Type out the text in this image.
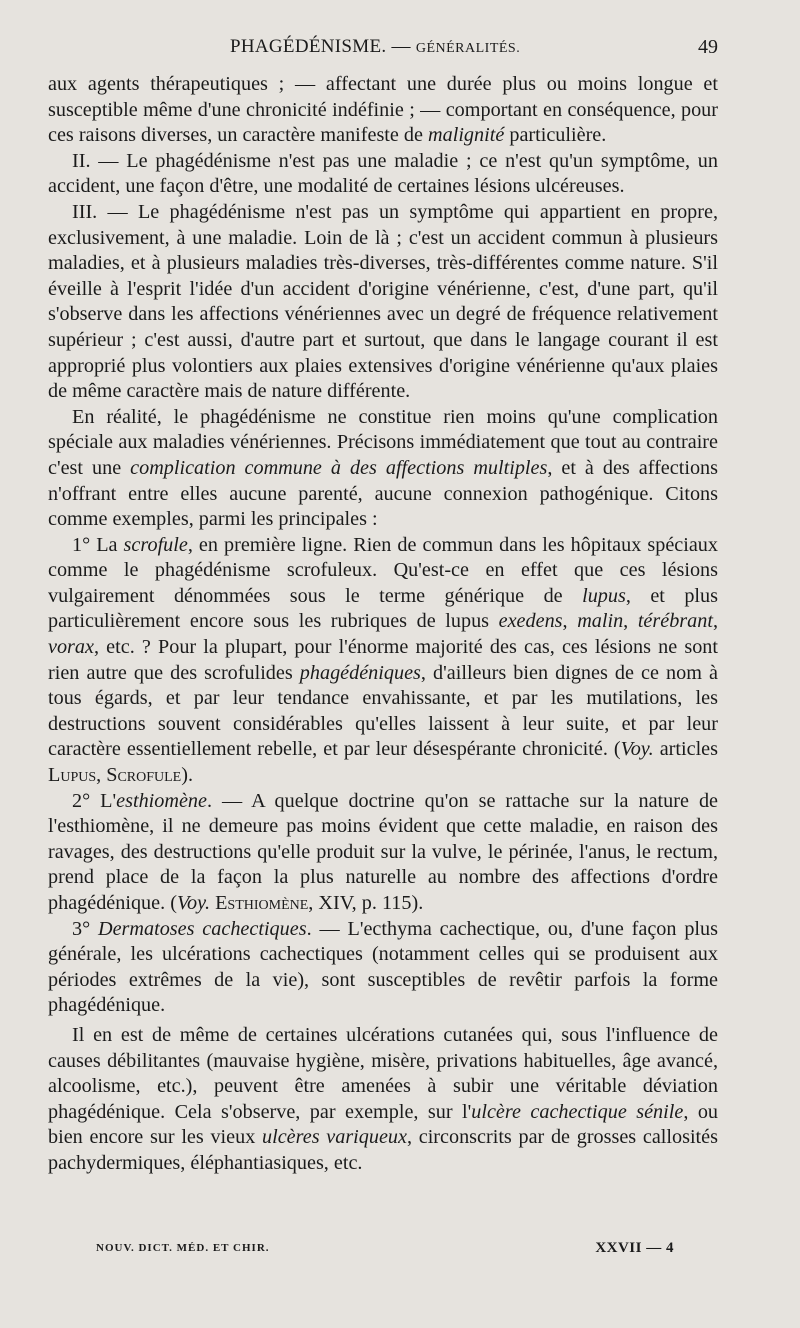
PHAGÉDÉNISME. — GÉNÉRALITÉS.	49

aux agents thérapeutiques ; — affectant une durée plus ou moins longue et susceptible même d'une chronicité indéfinie ; — comportant en conséquence, pour ces raisons diverses, un caractère manifeste de malignité particulière.

II. — Le phagédénisme n'est pas une maladie ; ce n'est qu'un symptôme, un accident, une façon d'être, une modalité de certaines lésions ulcéreuses.

III. — Le phagédénisme n'est pas un symptôme qui appartient en propre, exclusivement, à une maladie. Loin de là ; c'est un accident commun à plusieurs maladies, et à plusieurs maladies très-diverses, très-différentes comme nature. S'il éveille à l'esprit l'idée d'un accident d'origine vénérienne, c'est, d'une part, qu'il s'observe dans les affections vénériennes avec un degré de fréquence relativement supérieur ; c'est aussi, d'autre part et surtout, que dans le langage courant il est approprié plus volontiers aux plaies extensives d'origine vénérienne qu'aux plaies de même caractère mais de nature différente.

En réalité, le phagédénisme ne constitue rien moins qu'une complication spéciale aux maladies vénériennes. Précisons immédiatement que tout au contraire c'est une complication commune à des affections multiples, et à des affections n'offrant entre elles aucune parenté, aucune connexion pathogénique. Citons comme exemples, parmi les principales :

1° La scrofule, en première ligne. Rien de commun dans les hôpitaux spéciaux comme le phagédénisme scrofuleux. Qu'est-ce en effet que ces lésions vulgairement dénommées sous le terme générique de lupus, et plus particulièrement encore sous les rubriques de lupus exedens, malin, térébrant, vorax, etc. ? Pour la plupart, pour l'énorme majorité des cas, ces lésions ne sont rien autre que des scrofulides phagédéniques, d'ailleurs bien dignes de ce nom à tous égards, et par leur tendance envahissante, et par les mutilations, les destructions souvent considérables qu'elles laissent à leur suite, et par leur caractère essentiellement rebelle, et par leur désespérante chronicité. (Voy. articles Lupus, Scrofule).

2° L'esthiomène. — A quelque doctrine qu'on se rattache sur la nature de l'esthiomène, il ne demeure pas moins évident que cette maladie, en raison des ravages, des destructions qu'elle produit sur la vulve, le périnée, l'anus, le rectum, prend place de la façon la plus naturelle au nombre des affections d'ordre phagédénique. (Voy. Esthiomène, XIV, p. 115).

3° Dermatoses cachectiques. — L'ecthyma cachectique, ou, d'une façon plus générale, les ulcérations cachectiques (notamment celles qui se produisent aux périodes extrêmes de la vie), sont susceptibles de revêtir parfois la forme phagédénique.

Il en est de même de certaines ulcérations cutanées qui, sous l'influence de causes débilitantes (mauvaise hygiène, misère, privations habituelles, âge avancé, alcoolisme, etc.), peuvent être amenées à subir une véritable déviation phagédénique. Cela s'observe, par exemple, sur l'ulcère cachectique sénile, ou bien encore sur les vieux ulcères variqueux, circonscrits par de grosses callosités pachydermiques, éléphantiasiques, etc.

NOUV. DICT. MÉD. ET CHIR.	XXVII — 4
